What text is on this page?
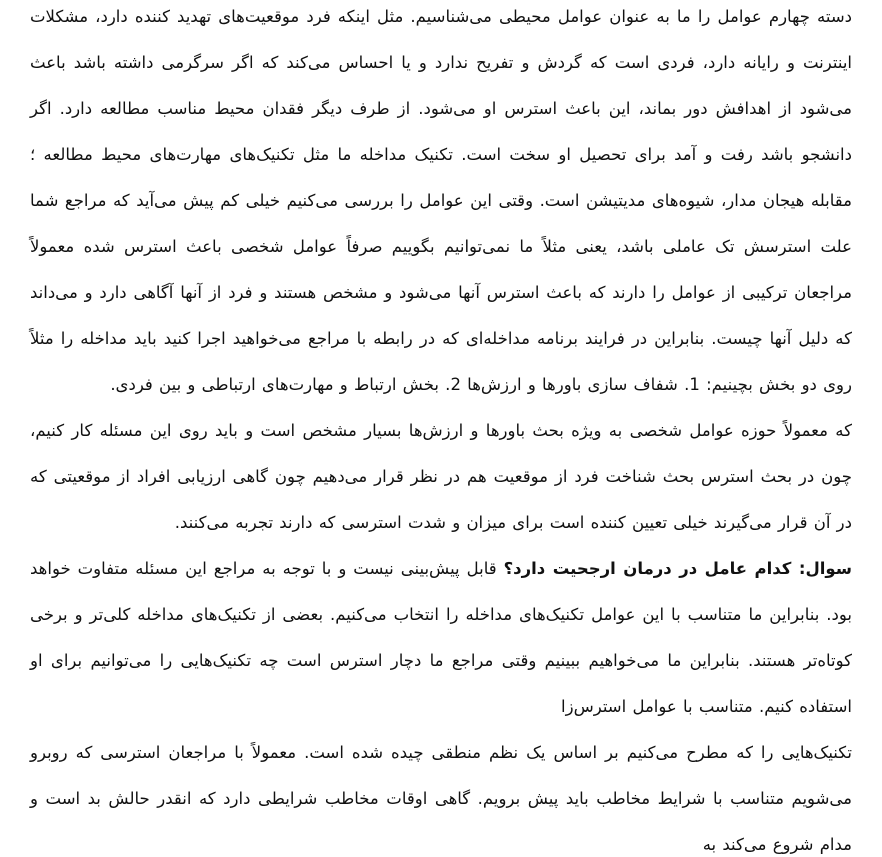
دسته چهارم عوامل را ما به عنوان عوامل محیطی می‌شناسیم. مثل اینکه فرد موقعیت‌های تهدید کننده دارد، مشکلات اینترنت و رایانه دارد، فردی است که گردش و تفریح ندارد و یا احساس می‌کند که اگر سرگرمی داشته باشد باعث می‌شود از اهدافش دور بماند، این باعث استرس او می‌شود. از طرف دیگر فقدان محیط مناسب مطالعه دارد. اگر دانشجو باشد رفت و آمد برای تحصیل او سخت است. تکنیک مداخله ما مثل تکنیک‌های مهارت‌های محیط مطالعه ؛ مقابله هیجان مدار، شیوه‌های مدیتیشن است. وقتی این عوامل را بررسی می‌کنیم خیلی کم پیش می‌آید که مراجع شما علت استرسش تک عاملی باشد، یعنی مثلاً ما نمی‌توانیم بگوییم صرفاً عوامل شخصی باعث استرس شده معمولاً مراجعان ترکیبی از عوامل را دارند که باعث استرس آنها می‌شود و مشخص هستند و فرد از آنها آگاهی دارد و می‌داند که دلیل آنها چیست. بنابراین در فرایند برنامه مداخله‌ای که در رابطه با مراجع می‌خواهید اجرا کنید باید مداخله را مثلاً روی دو بخش بچینیم: 1. شفاف سازی باورها و ارزش‌ها 2. بخش ارتباط و مهارت‌های ارتباطی و بین فردی.

که معمولاً حوزه عوامل شخصی به ویژه بحث باورها و ارزش‌ها بسیار مشخص است و باید روی این مسئله کار کنیم، چون در بحث استرس بحث شناخت فرد از موقعیت هم در نظر قرار می‌دهیم چون گاهی ارزیابی افراد از موقعیتی که در آن قرار می‌گیرند خیلی تعیین کننده است برای میزان و شدت استرسی که دارند تجربه می‌کنند.

سوال: کدام عامل در درمان ارجحیت دارد؟ قابل پیش‌بینی نیست و با توجه به مراجع این مسئله متفاوت خواهد بود. بنابراین ما متناسب با این عوامل تکنیک‌های مداخله را انتخاب می‌کنیم. بعضی از تکنیک‌های مداخله کلی‌تر و برخی کوتاه‌تر هستند. بنابراین ما می‌خواهیم ببینیم وقتی مراجع ما دچار استرس است چه تکنیک‌هایی را می‌توانیم برای او استفاده کنیم. متناسب با عوامل استرس‌زا

تکنیک‌هایی را که مطرح می‌کنیم بر اساس یک نظم منطقی چیده شده است. معمولاً با مراجعان استرسی که روبرو می‌شویم متناسب با شرایط مخاطب باید پیش برویم. گاهی اوقات مخاطب شرایطی دارد که انقدر حالش بد است و مدام شروع می‌کند به
